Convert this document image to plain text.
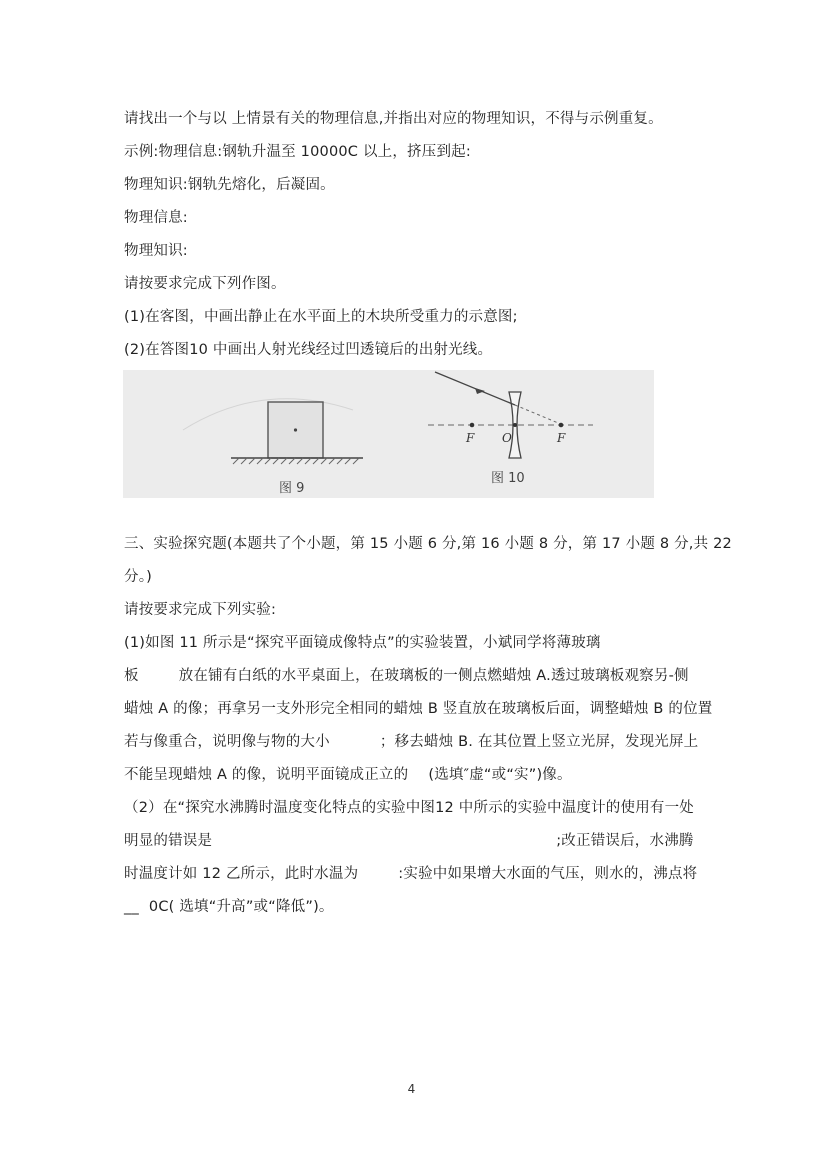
请找出一个与以 上情景有关的物理信息,并指出对应的物理知识，不得与示例重复。
示例:物理信息:钢轨升温至 10000C 以上，挤压到起:
物理知识:钢轨先熔化，后凝固。
物理信息:
物理知识:
请按要求完成下列作图。
(1)在客图，中画出静止在水平面上的木块所受重力的示意图;
(2)在答图10 中画出人射光线经过凹透镜后的出射光线。
图 9
F O	F
图 10
三、实验探究题(本题共了个小题，第 15 小题 6 分,第 16 小题 8 分，第 17 小题 8 分,共 22
分。)
请按要求完成下列实验:
(1)如图 11 所示是“探究平面镜成像特点”的实验装置，小斌同学将薄玻璃
板	放在铺有白纸的水平桌面上，在玻璃板的一侧点燃蜡烛 A.透过玻璃板观察另-侧
蜡烛 A 的像；再拿另一支外形完全相同的蜡烛 B 竖直放在玻璃板后面，调整蜡烛 B 的位置
若与像重合，说明像与物的大小	；移去蜡烛 B. 在其位置上竖立光屏，发现光屏上
不能呈现蜡烛 A 的像，说明平面镜成正立的 (选填″虚“或“实”)像。
（2）在“探究水沸腾时温度变化特点的实验中图12 中所示的实验中温度计的使用有一处
明显的错误是	;改正错误后，水沸腾
时温度计如 12 乙所示，此时水温为	:实验中如果增大水面的气压，则水的，沸点将
__ 0C( 选填“升高”或“降低”)。
4
